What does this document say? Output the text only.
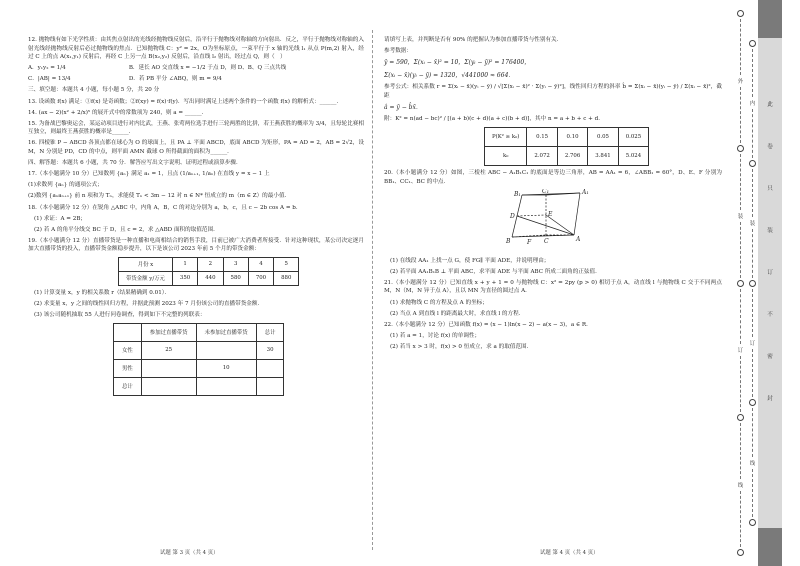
12. 抛物线有如下光学性质：由其焦点射出的光线经抛物线反射后，沿平行于抛物线对称轴的方向射出．反之，平行于抛物线对称轴的入射光线经抛物线反射后必过抛物线的焦点．已知抛物线 C：y² = 2x，O为坐标原点，一束平行于 x 轴的光线 l₁ 从点 P(m,2) 射入，经过 C 上的点 A(x₁,y₁) 反射后，再经 C 上另一点 B(x₂,y₂) 反射后，沿直线 l₂ 射出，经过点 Q，则（　）

A．y₁y₂ = 1/4	B．延长 AO 交直线 x = −1/2 于点 D，则 D、B、Q 三点共线
C．|AB| = 13/4	D．若 PB 平分 ∠ABQ，则 m = 9/4

三、填空题：本题共 4 小题，每小题 5 分，共 20 分

13. 设函数 f(x) 满足：①f(x) 是奇函数；②f(xy) = f(x)·f(y)．写出同时满足上述两个条件的一个函数 f(x) 的解析式：______．

14. (ax − 2)(x² + 2/x)⁵ 的展开式中的常数项为 240，则 a = ______．

15. 为备战巴黎奥运会，某运动项目进行对内比武，王燕、张莺两位选手进行三轮两胜的比拼，若王燕获胜的概率为 3/4，且每轮比赛相互独立，则最终王燕获胜的概率是______．

16. 四棱锥 P − ABCD 各顶点都在球心为 O 的球面上，且 PA ⊥ 平面 ABCD，底面 ABCD 为矩形，PA = AD = 2，AB = 2√2，设 M，N 分别是 PD，CD 的中点，则平面 AMN 截球 O 所得截面的面积为______．

四、解答题：本题共 6 小题，共 70 分．解答应写出文字说明、证明过程或演算步骤．

17.（本小题满分 10 分）已知数列 {aₙ} 满足 a₁ = 1，且点 (1/aₙ₊₁, 1/aₙ) 在直线 y = x − 1 上

(1)求数列 {aₙ} 的通项公式；

(2)数列 {aₙaₙ₊₁} 前 n 项和为 Tₙ，求能使 Tₙ < 3m − 12 对 n ∈ N* 恒成立的 m（m ∈ Z）的最小值．

18.（本小题满分 12 分）在锐角 △ABC 中，内角 A，B，C 的对边分别为 a，b，c，且 c − 2b cos A = b．

(1) 求证：A = 2B；

(2) 若 A 的角平分线交 BC 于 D，且 c = 2，求 △ABD 面积的取值范围．

19.（本小题满分 12 分）直播带货是一种直播和电商相结合的销售手段，目前已被广大消费者所接受．针对这种现状，某公司决定逐月加大直播带货的投入，直播带货金额稳步提升，以下是该公司 2023 年前 5 个月的带货金额：

月份 x	1	2	3	4	5
带货金额 y/万元	350	440	580	700	880

(1) 计算变量 x，y 的相关系数 r（结果精确到 0.01）．

(2) 求变量 x，y 之间的线性回归方程，并据此预测 2023 年 7 月份该公司的直播带货金额．

(3) 该公司随机抽取 55 人进行问卷调查，得到如下不完整的列联表：

	参加过直播带货	未参加过直播带货	总计
女性	25		30
男性		10	
总计			
试题 第 3 页（共 4 页）

请填写上表，并判断是否有 90% 的把握认为参加直播带货与性别有关．

参考数据：

ȳ = 590，Σ(xᵢ − x̄)² = 10，Σ(yᵢ − ȳ)² = 176400，

Σ(xᵢ − x̄)(yᵢ − ȳ) = 1320，√441000 ≈ 664．

参考公式：相关系数 r = Σ(xᵢ − x̄)(yᵢ − ȳ) / √[Σ(xᵢ − x̄)² · Σ(yᵢ − ȳ)²]，线性回归方程的斜率 b̂ = Σ(xᵢ − x̄)(yᵢ − ȳ) / Σ(xᵢ − x̄)²，截距

â = ȳ − b̂x̄．

附：K² = n(ad − bc)² / [(a + b)(c + d)(a + c)(b + d)]，其中 n = a + b + c + d．

P(K² ≥ k₀)	0.15	0.10	0.05	0.025
k₀	2.072	2.706	3.841	5.024

20.（本小题满分 12 分）如图，三棱柱 ABC − A₁B₁C₁ 的底面是等边三角形，AB = AA₁ = 6，∠ABB₁ = 60°，D、E、F 分别为 BB₁、CC₁、BC 的中点．

B₁	C₁	A₁
D	E
B	F C	A

(1) 在线段 AA₁ 上找一点 G，使 FG∥ 平面 ADE，并说明理由；

(2) 若平面 AA₁B₁B ⊥ 平面 ABC，求平面 ADE 与平面 ABC 所成二面角的正弦值．

21.（本小题满分 12 分）已知直线 x + y + 1 = 0 与抛物线 C：x² = 2py (p > 0) 相切于点 A，动直线 l 与抛物线 C 交于不同两点 M，N（M，N 异于点 A），且以 MN 为直径的圆过点 A．

(1) 求抛物线 C 的方程及点 A 的坐标；

(2) 当点 A 到直线 l 的距离最大时，求直线 l 的方程．

22.（本小题满分 12 分）已知函数 f(x) = (x − 1)ln(x − 2) − a(x − 3)，a ∈ R．

(1) 若 a = 1，讨论 f(x) 的单调性；

(2) 若当 x > 3 时，f(x) > 0 恒成立，求 a 的取值范围．

试题 第 4 页（共 4 页）
外
装
订
线
内
装
订
线
此
卷
只
装
订
不
密
封
